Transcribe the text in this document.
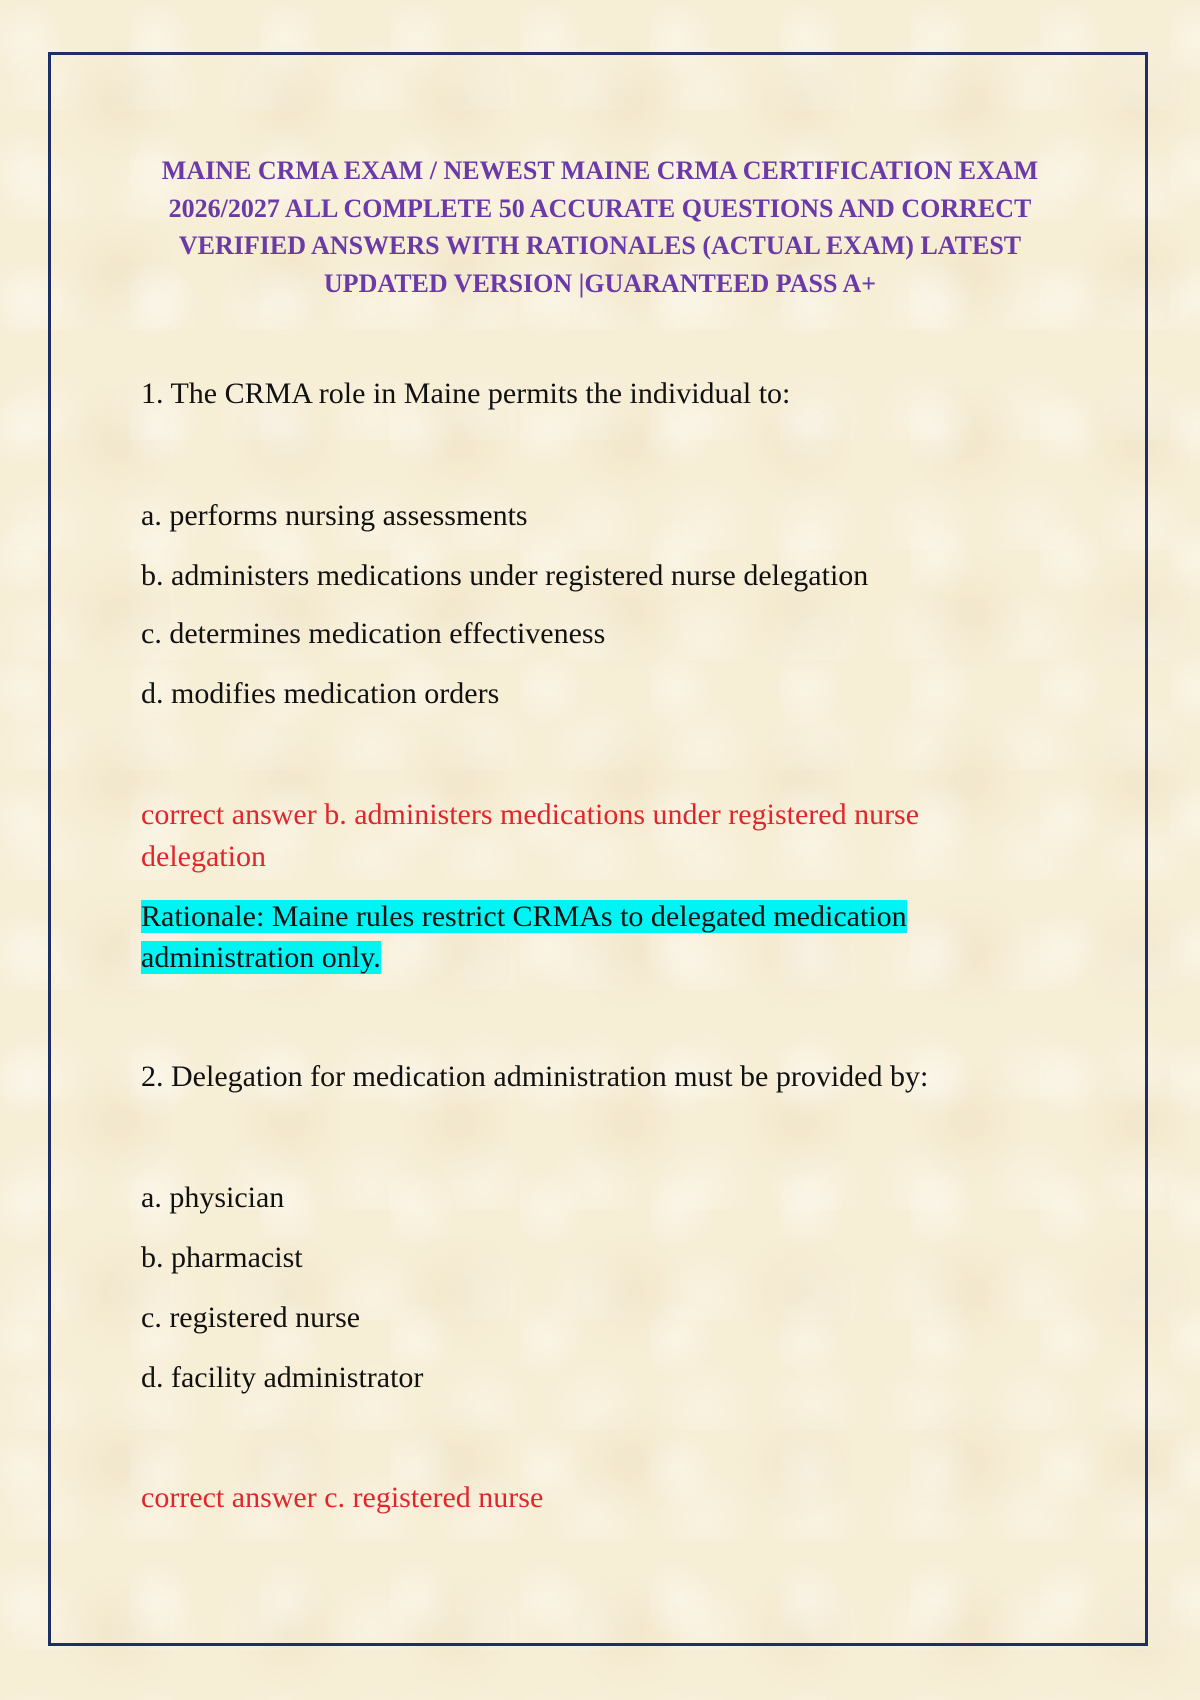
MAINE CRMA EXAM / NEWEST MAINE CRMA CERTIFICATION EXAM 2026/2027 ALL COMPLETE 50 ACCURATE QUESTIONS AND CORRECT VERIFIED ANSWERS WITH RATIONALES (ACTUAL EXAM) LATEST UPDATED VERSION |GUARANTEED PASS A+

1. The CRMA role in Maine permits the individual to:

a. performs nursing assessments

b. administers medications under registered nurse delegation

c. determines medication effectiveness

d. modifies medication orders

correct answer b. administers medications under registered nurse delegation

Rationale: Maine rules restrict CRMAs to delegated medication administration only.

2. Delegation for medication administration must be provided by:

a. physician

b. pharmacist

c. registered nurse

d. facility administrator

correct answer c. registered nurse
